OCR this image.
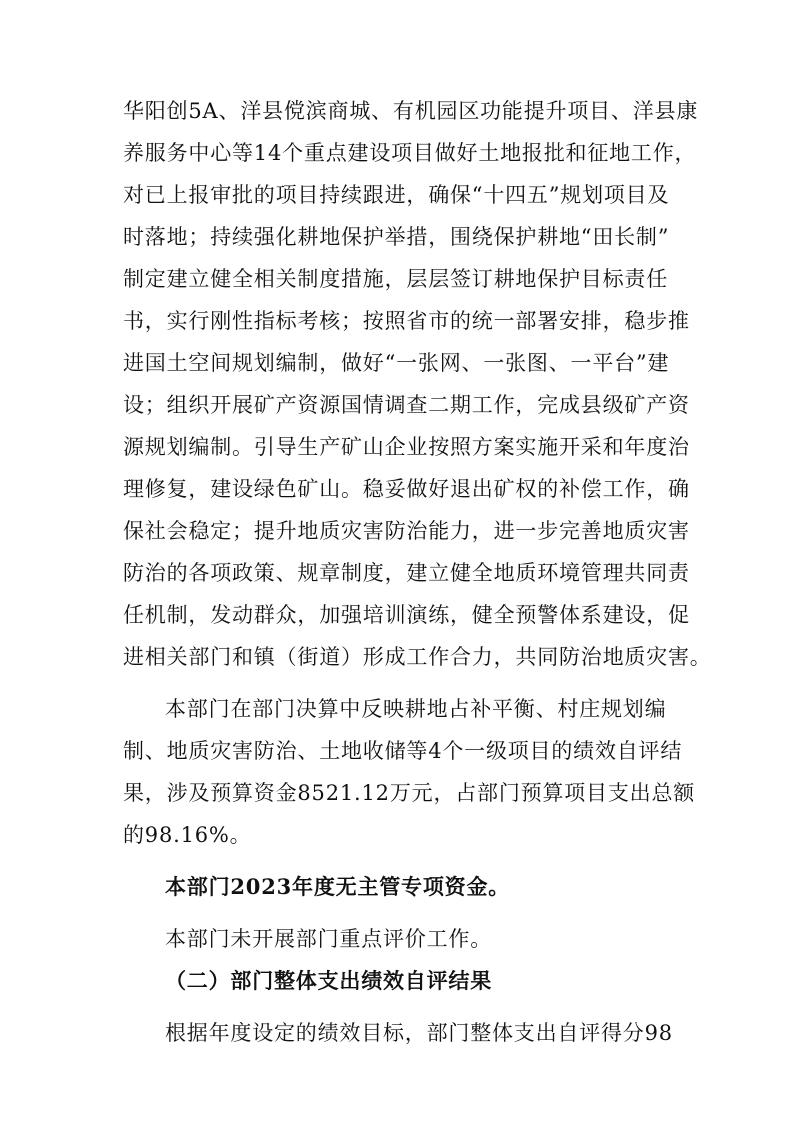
华阳创5A、洋县傥滨商城、有机园区功能提升项目、洋县康
养服务中心等14个重点建设项目做好土地报批和征地工作，
对已上报审批的项目持续跟进，确保“十四五”规划项目及
时落地；持续强化耕地保护举措，围绕保护耕地“田长制”
制定建立健全相关制度措施，层层签订耕地保护目标责任
书，实行刚性指标考核；按照省市的统一部署安排，稳步推
进国土空间规划编制，做好“一张网、一张图、一平台”建
设；组织开展矿产资源国情调查二期工作，完成县级矿产资
源规划编制。引导生产矿山企业按照方案实施开采和年度治
理修复，建设绿色矿山。稳妥做好退出矿权的补偿工作，确
保社会稳定；提升地质灾害防治能力，进一步完善地质灾害
防治的各项政策、规章制度，建立健全地质环境管理共同责
任机制，发动群众，加强培训演练，健全预警体系建设，促
进相关部门和镇（街道）形成工作合力，共同防治地质灾害。
本部门在部门决算中反映耕地占补平衡、村庄规划编
制、地质灾害防治、土地收储等4个一级项目的绩效自评结
果，涉及预算资金8521.12万元，占部门预算项目支出总额
的98.16%。
本部门2023年度无主管专项资金。
本部门未开展部门重点评价工作。
（二）部门整体支出绩效自评结果
根据年度设定的绩效目标，部门整体支出自评得分98
